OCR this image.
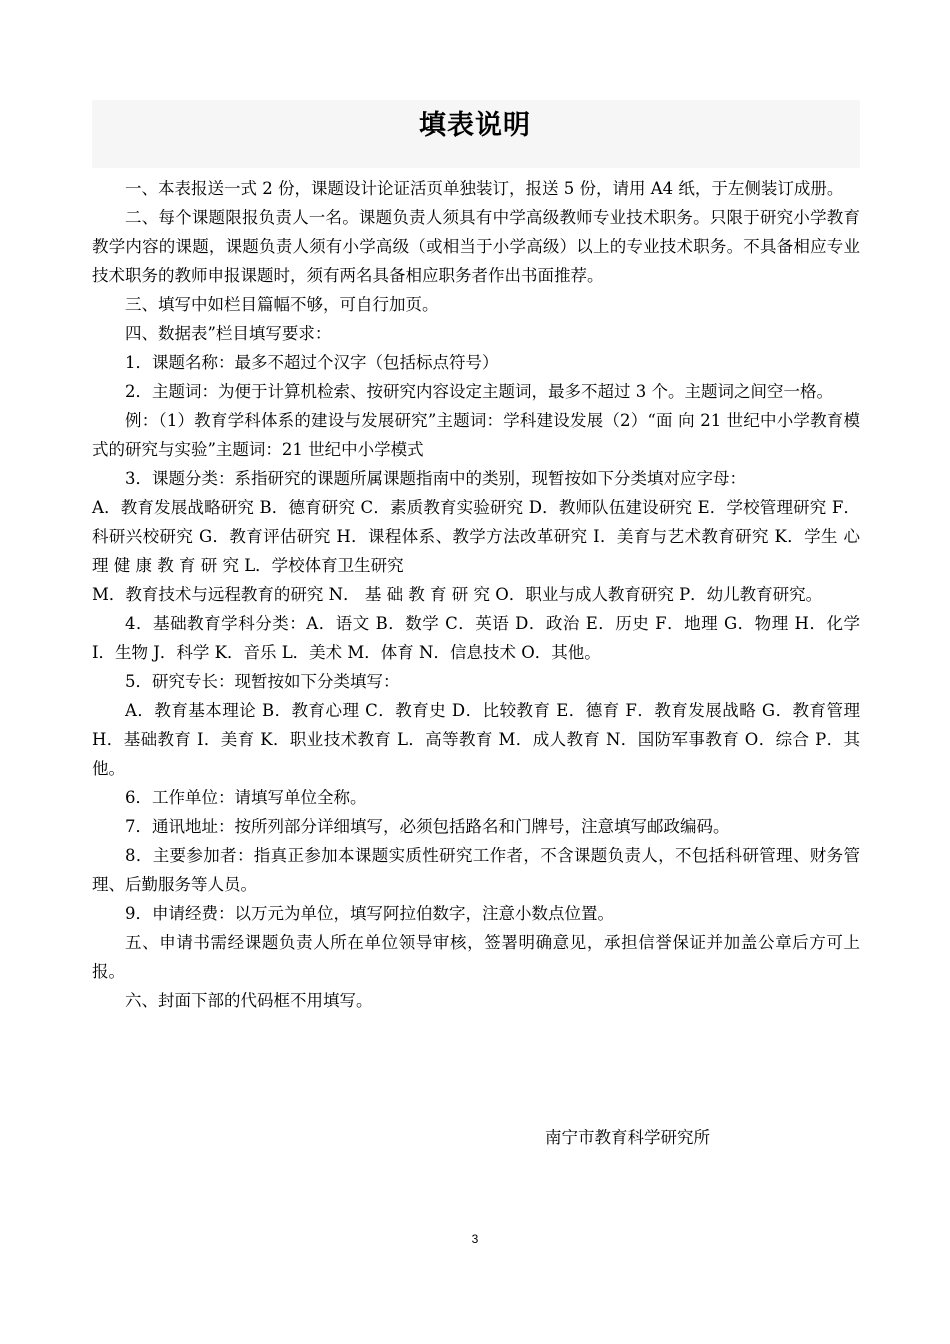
填表说明

一、本表报送一式 2 份，课题设计论证活页单独装订，报送 5 份，请用 A4 纸，于左侧装订成册。

二、每个课题限报负责人一名。课题负责人须具有中学高级教师专业技术职务。只限于研究小学教育教学内容的课题，课题负责人须有小学高级（或相当于小学高级）以上的专业技术职务。不具备相应专业技术职务的教师申报课题时，须有两名具备相应职务者作出书面推荐。

三、填写中如栏目篇幅不够，可自行加页。

四、数据表”栏目填写要求：

1．课题名称：最多不超过个汉字（包括标点符号）

2．主题词：为便于计算机检索、按研究内容设定主题词，最多不超过 3 个。主题词之间空一格。

例：（1）教育学科体系的建设与发展研究”主题词：学科建设发展（2）“面 向 21 世纪中小学教育模式的研究与实验”主题词：21 世纪中小学模式

3．课题分类：系指研究的课题所属课题指南中的类别，现暂按如下分类填对应字母：

A．教育发展战略研究 B．德育研究 C．素质教育实验研究 D．教师队伍建设研究 E．学校管理研究 F．科研兴校研究 G．教育评估研究 H．课程体系、教学方法改革研究 I．美育与艺术教育研究 K．学生 心 理 健 康 教 育 研 究 L．学校体育卫生研究

M．教育技术与远程教育的研究 N． 基 础 教 育 研 究 O．职业与成人教育研究 P．幼儿教育研究。

4．基础教育学科分类：A．语文 B．数学 C．英语 D．政治 E．历史 F．地理 G．物理 H．化学 I．生物 J．科学 K．音乐 L．美术 M．体育 N．信息技术 O．其他。

5．研究专长：现暂按如下分类填写：

A．教育基本理论 B．教育心理 C．教育史 D．比较教育 E．德育 F．教育发展战略 G．教育管理 H．基础教育 I．美育 K．职业技术教育 L．高等教育 M．成人教育 N．国防军事教育 O．综合 P．其他。

6．工作单位：请填写单位全称。

7．通讯地址：按所列部分详细填写，必须包括路名和门牌号，注意填写邮政编码。

8．主要参加者：指真正参加本课题实质性研究工作者，不含课题负责人，不包括科研管理、财务管理、后勤服务等人员。

9．申请经费：以万元为单位，填写阿拉伯数字，注意小数点位置。

五、申请书需经课题负责人所在单位领导审核，签署明确意见，承担信誉保证并加盖公章后方可上报。

六、封面下部的代码框不用填写。

南宁市教育科学研究所
3
